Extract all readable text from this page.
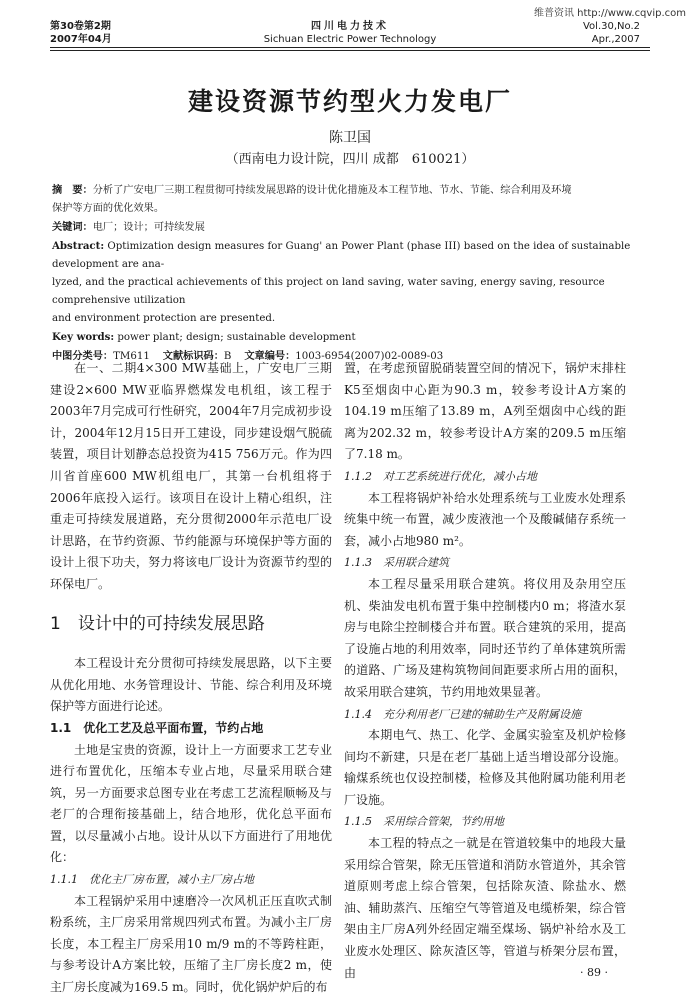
维普资讯 http://www.cqvip.com
第30卷第2期
2007年04月
四川电力技术
Sichuan Electric Power Technology
Vol.30,No.2
Apr.,2007
建设资源节约型火力发电厂
陈卫国
（西南电力设计院，四川 成都　610021）

摘　要：分析了广安电厂三期工程贯彻可持续发展思路的设计优化措施及本工程节地、节水、节能、综合利用及环境

保护等方面的优化效果。

关键词：电厂；设计；可持续发展

Abstract: Optimization design measures for Guang' an Power Plant (phase III) based on the idea of sustainable development are ana-

lyzed, and the practical achievements of this project on land saving, water saving, energy saving, resource comprehensive utilization

and environment protection are presented.

Key words: power plant; design; sustainable development

中图分类号：TM611 文献标识码：B 文章编号：1003-6954(2007)02-0089-03

在一、二期4×300 MW基础上，广安电厂三期建设2×600 MW亚临界燃煤发电机组，该工程于2003年7月完成可行性研究，2004年7月完成初步设计，2004年12月15日开工建设，同步建设烟气脱硫装置，项目计划静态总投资为415 756万元。作为四川省首座600 MW机组电厂，其第一台机组将于2006年底投入运行。该项目在设计上精心组织，注重走可持续发展道路，充分贯彻2000年示范电厂设计思路，在节约资源、节约能源与环境保护等方面的设计上很下功夫，努力将该电厂设计为资源节约型的环保电厂。

1　设计中的可持续发展思路

本工程设计充分贯彻可持续发展思路，以下主要从优化用地、水务管理设计、节能、综合利用及环境保护等方面进行论述。

1.1　优化工艺及总平面布置，节约占地

土地是宝贵的资源，设计上一方面要求工艺专业进行布置优化，压缩本专业占地，尽量采用联合建筑，另一方面要求总图专业在考虑工艺流程顺畅及与老厂的合理衔接基础上，结合地形，优化总平面布置，以尽量减小占地。设计从以下方面进行了用地优化：

1.1.1　优化主厂房布置，减小主厂房占地

本工程锅炉采用中速磨冷一次风机正压直吹式制粉系统，主厂房采用常规四列式布置。为减小主厂房长度，本工程主厂房采用10 m/9 m的不等跨柱距，与参考设计A方案比较，压缩了主厂房长度2 m，使主厂房长度减为169.5 m。同时，优化锅炉炉后的布

置，在考虑预留脱硝装置空间的情况下，锅炉末排柱K5至烟囱中心距为90.3 m，较参考设计A方案的104.19 m压缩了13.89 m，A列至烟囱中心线的距离为202.32 m，较参考设计A方案的209.5 m压缩了7.18 m。

1.1.2　对工艺系统进行优化，减小占地

本工程将锅炉补给水处理系统与工业废水处理系统集中统一布置，减少废液池一个及酸碱储存系统一套，减小占地980 m²。

1.1.3　采用联合建筑

本工程尽量采用联合建筑。将仪用及杂用空压机、柴油发电机布置于集中控制楼内0 m；将渣水泵房与电除尘控制楼合并布置。联合建筑的采用，提高了设施占地的利用效率，同时还节约了单体建筑所需的道路、广场及建构筑物间间距要求所占用的面积，故采用联合建筑，节约用地效果显著。

1.1.4　充分利用老厂已建的辅助生产及附属设施

本期电气、热工、化学、金属实验室及机炉检修间均不新建，只是在老厂基础上适当增设部分设施。输煤系统也仅设控制楼，检修及其他附属功能利用老厂设施。

1.1.5　采用综合管架，节约用地

本工程的特点之一就是在管道较集中的地段大量采用综合管架，除无压管道和消防水管道外，其余管道原则考虑上综合管架，包括除灰渣、除盐水、燃油、辅助蒸汽、压缩空气等管道及电缆桥架，综合管架由主厂房A列外经固定端至煤场、锅炉补给水及工业废水处理区、除灰渣区等，管道与桥架分层布置，由	· 89 ·
